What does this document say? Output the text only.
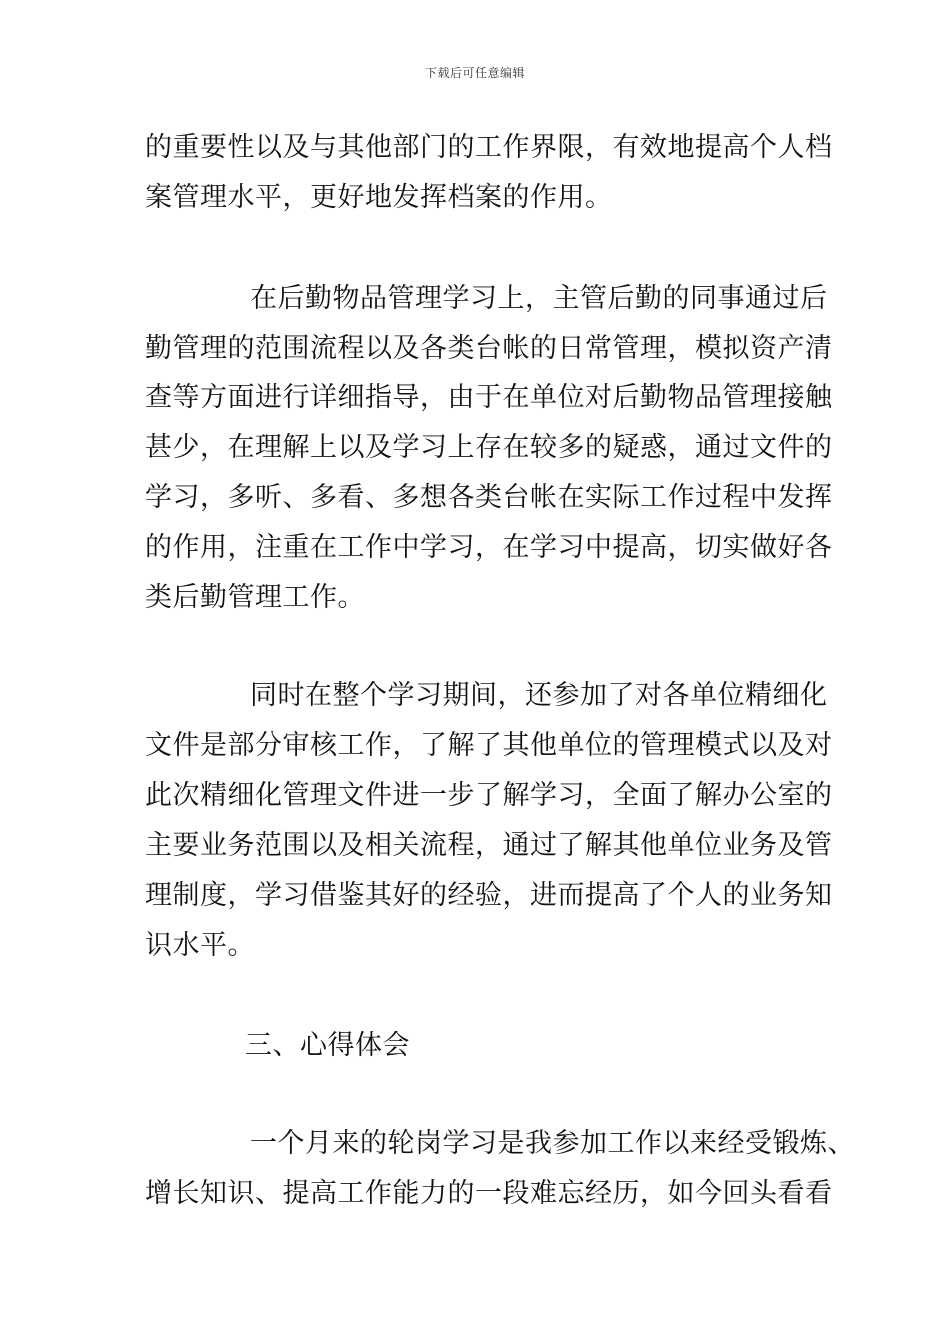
下载后可任意编辑
的重要性以及与其他部门的工作界限，有效地提高个人档
案管理水平，更好地发挥档案的作用。
在后勤物品管理学习上，主管后勤的同事通过后
勤管理的范围流程以及各类台帐的日常管理，模拟资产清
查等方面进行详细指导，由于在单位对后勤物品管理接触
甚少，在理解上以及学习上存在较多的疑惑，通过文件的
学习，多听、多看、多想各类台帐在实际工作过程中发挥
的作用，注重在工作中学习，在学习中提高，切实做好各
类后勤管理工作。
同时在整个学习期间，还参加了对各单位精细化
文件是部分审核工作，了解了其他单位的管理模式以及对
此次精细化管理文件进一步了解学习，全面了解办公室的
主要业务范围以及相关流程，通过了解其他单位业务及管
理制度，学习借鉴其好的经验，进而提高了个人的业务知
识水平。
三、心得体会
一个月来的轮岗学习是我参加工作以来经受锻炼、
增长知识、提高工作能力的一段难忘经历，如今回头看看
